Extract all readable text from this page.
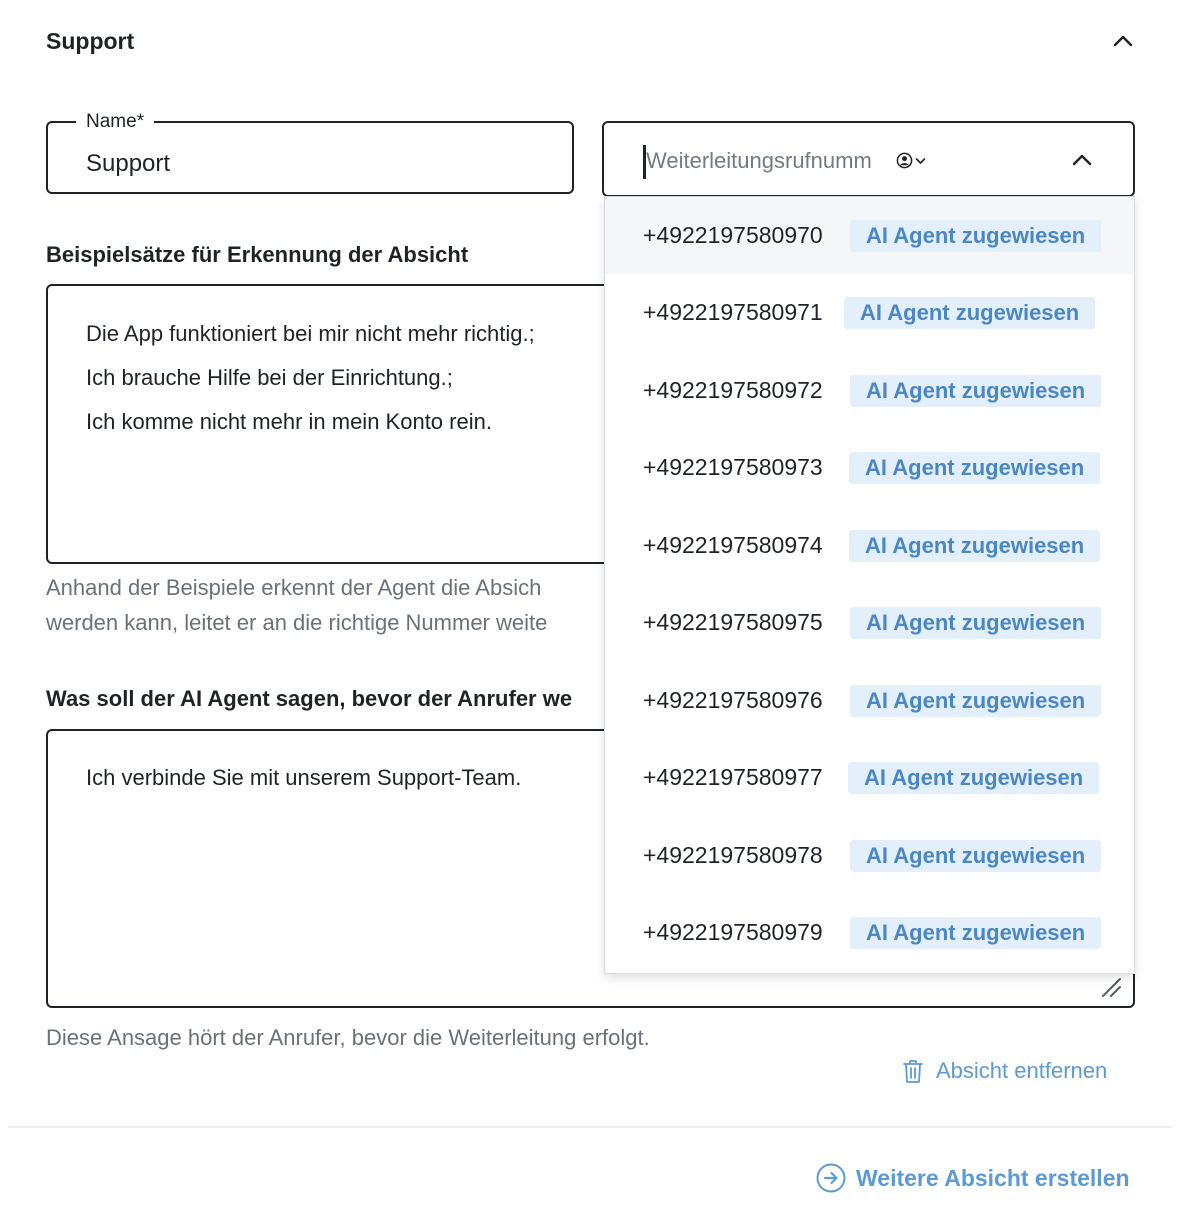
Support
Name*
Support	Weiterleitungsrufnumm
Beispielsätze für Erkennung der Absicht
Die App funktioniert bei mir nicht mehr richtig.;
Ich brauche Hilfe bei der Einrichtung.;
Ich komme nicht mehr in mein Konto rein.
Anhand der Beispiele erkennt der Agent die Absich
werden kann, leitet er an die richtige Nummer weite
Was soll der AI Agent sagen, bevor der Anrufer we
Ich verbinde Sie mit unserem Support-Team.
Diese Ansage hört der Anrufer, bevor die Weiterleitung erfolgt.
+4922197580970	AI Agent zugewiesen
+4922197580971	AI Agent zugewiesen
+4922197580972	AI Agent zugewiesen
+4922197580973	AI Agent zugewiesen
+4922197580974	AI Agent zugewiesen
+4922197580975	AI Agent zugewiesen
+4922197580976	AI Agent zugewiesen
+4922197580977	AI Agent zugewiesen
+4922197580978	AI Agent zugewiesen
+4922197580979	AI Agent zugewiesen
Absicht entfernen
Weitere Absicht erstellen
